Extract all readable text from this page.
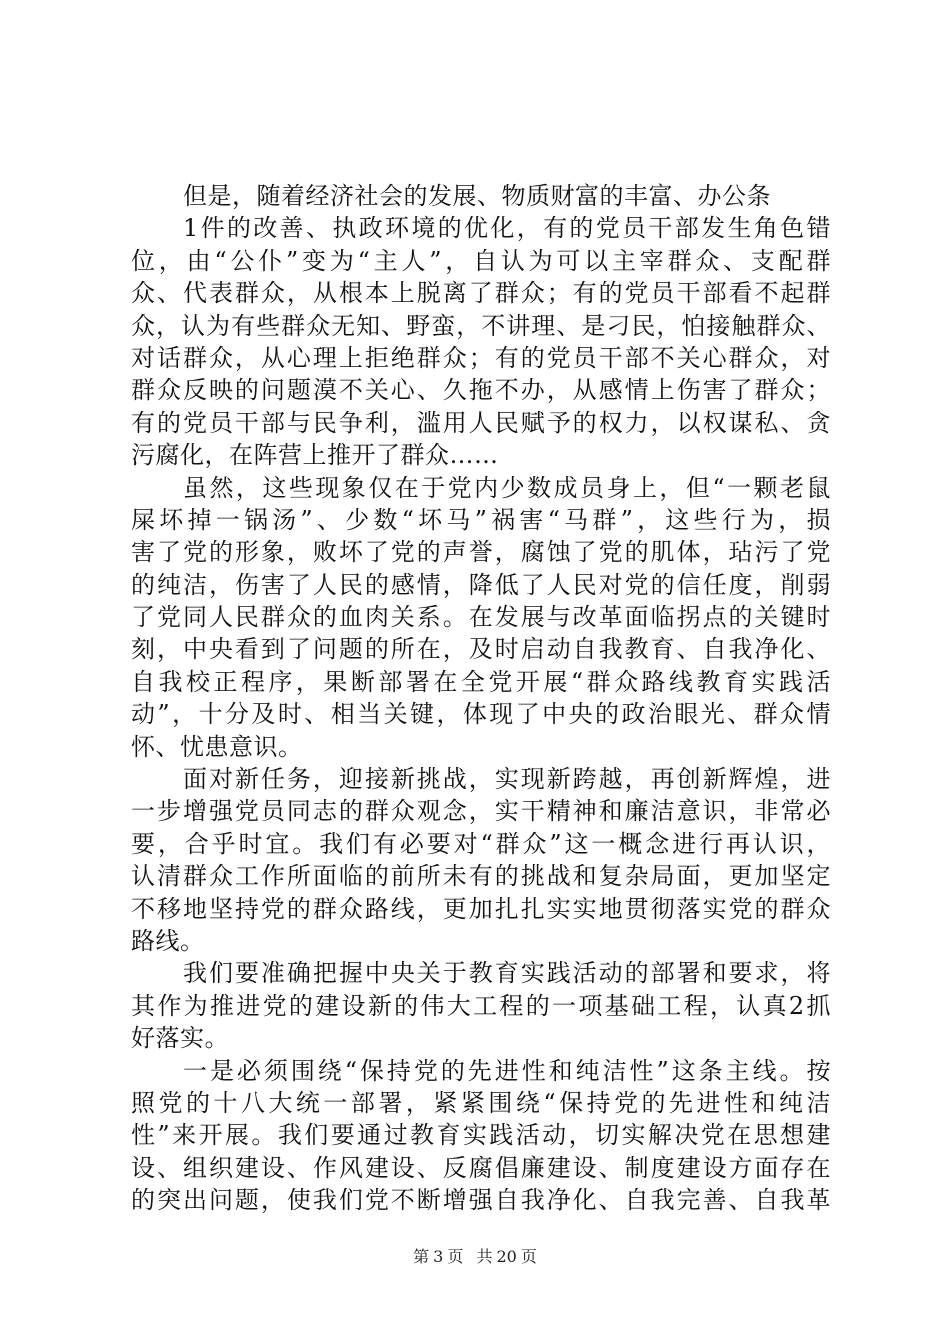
但是，随着经济社会的发展、物质财富的丰富、办公条
1件的改善、执政环境的优化，有的党员干部发生角色错
位，由“公仆”变为“主人”，自认为可以主宰群众、支配群
众、代表群众，从根本上脱离了群众；有的党员干部看不起群
众，认为有些群众无知、野蛮，不讲理、是刁民，怕接触群众、
对话群众，从心理上拒绝群众；有的党员干部不关心群众，对
群众反映的问题漠不关心、久拖不办，从感情上伤害了群众；
有的党员干部与民争利，滥用人民赋予的权力，以权谋私、贪
污腐化，在阵营上推开了群众……
虽然，这些现象仅在于党内少数成员身上，但“一颗老鼠
屎坏掉一锅汤”、少数“坏马”祸害“马群”，这些行为，损
害了党的形象，败坏了党的声誉，腐蚀了党的肌体，玷污了党
的纯洁，伤害了人民的感情，降低了人民对党的信任度，削弱
了党同人民群众的血肉关系。在发展与改革面临拐点的关键时
刻，中央看到了问题的所在，及时启动自我教育、自我净化、
自我校正程序，果断部署在全党开展“群众路线教育实践活
动”，十分及时、相当关键，体现了中央的政治眼光、群众情
怀、忧患意识。
面对新任务，迎接新挑战，实现新跨越，再创新辉煌，进
一步增强党员同志的群众观念，实干精神和廉洁意识，非常必
要，合乎时宜。我们有必要对“群众”这一概念进行再认识，
认清群众工作所面临的前所未有的挑战和复杂局面，更加坚定
不移地坚持党的群众路线，更加扎扎实实地贯彻落实党的群众
路线。
我们要准确把握中央关于教育实践活动的部署和要求，将
其作为推进党的建设新的伟大工程的一项基础工程，认真2抓
好落实。
一是必须围绕“保持党的先进性和纯洁性”这条主线。按
照党的十八大统一部署，紧紧围绕“保持党的先进性和纯洁
性”来开展。我们要通过教育实践活动，切实解决党在思想建
设、组织建设、作风建设、反腐倡廉建设、制度建设方面存在
的突出问题，使我们党不断增强自我净化、自我完善、自我革
第 3 页 共 20 页
